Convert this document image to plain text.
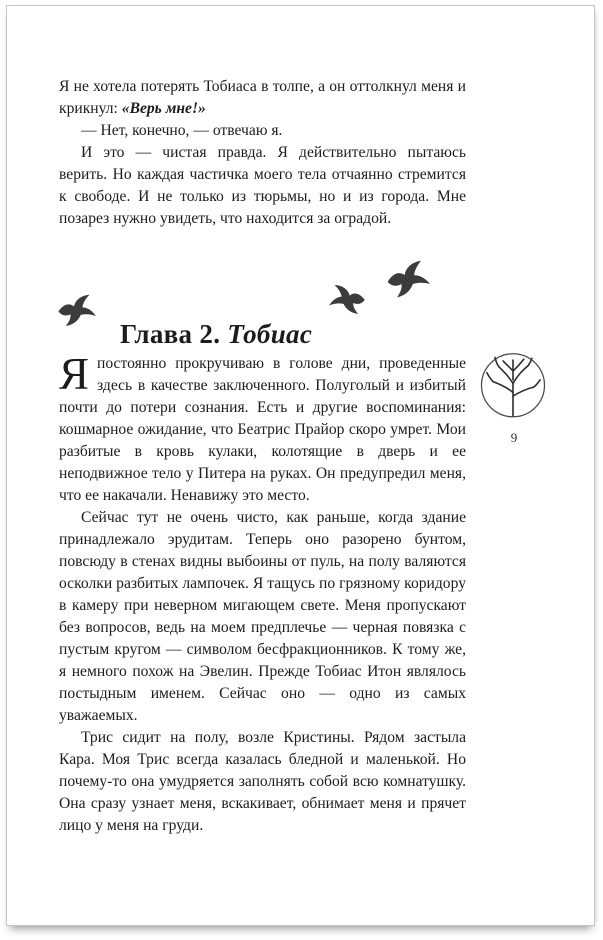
Я не хотела потерять Тобиаса в толпе, а он оттолкнул меня и крикнул: «Верь мне!»

— Нет, конечно, — отвечаю я.

И это — чистая правда. Я действительно пытаюсь верить. Но каждая частичка моего тела отчаянно стремится к свободе. И не только из тюрьмы, но и из города. Мне позарез нужно увидеть, что находится за оградой.

Глава 2. Тобиас

Япостоянно прокручиваю в голове дни, проведенные здесь в качестве заключенного. Полуголый и избитый почти до потери сознания. Есть и другие воспоминания: кошмарное ожидание, что Беатрис Прайор скоро умрет. Мои разбитые в кровь кулаки, колотящие в дверь и ее неподвижное тело у Питера на руках. Он предупредил меня, что ее накачали. Ненавижу это место.

Сейчас тут не очень чисто, как раньше, когда здание принадлежало эрудитам. Теперь оно разорено бунтом, повсюду в стенах видны выбоины от пуль, на полу валяются осколки разбитых лампочек. Я тащусь по грязному коридору в камеру при неверном мигающем свете. Меня пропускают без вопросов, ведь на моем предплечье — черная повязка с пустым кругом — символом бесфракционников. К тому же, я немного похож на Эвелин. Прежде Тобиас Итон являлось постыдным именем. Сейчас оно — одно из самых уважаемых.

Трис сидит на полу, возле Кристины. Рядом застыла Кара. Моя Трис всегда казалась бледной и маленькой. Но почему-то она умудряется заполнять собой всю комнатушку. Она сразу узнает меня, вскакивает, обнимает меня и прячет лицо у меня на груди.

9
